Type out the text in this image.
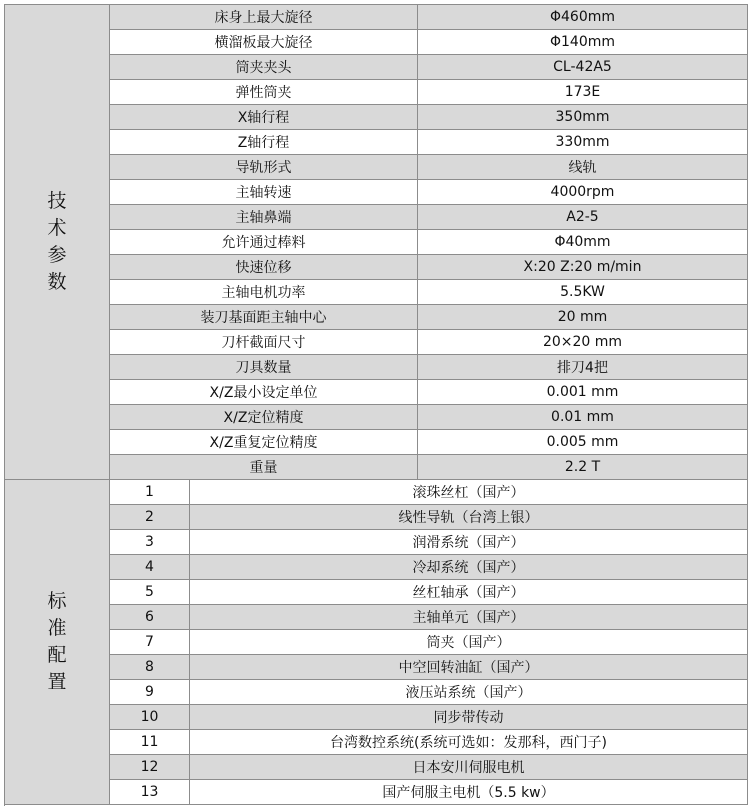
技
术
参
数
床身上最大旋径	Φ460mm
横溜板最大旋径	Φ140mm
筒夹夹头	CL-42A5
弹性筒夹	173E
X轴行程	350mm
Z轴行程	330mm
导轨形式	线轨
主轴转速	4000rpm
主轴鼻端	A2-5
允许通过棒料	Φ40mm
快速位移	X:20 Z:20 m/min
主轴电机功率	5.5KW
装刀基面距主轴中心	20 mm
刀杆截面尺寸	20×20 mm
刀具数量	排刀4把
X/Z最小设定单位	0.001 mm
X/Z定位精度	0.01 mm
X/Z重复定位精度	0.005 mm
重量	2.2 T
标
准
配
置
1	滚珠丝杠（国产）
2	线性导轨（台湾上银）
3	润滑系统（国产）
4	冷却系统（国产）
5	丝杠轴承（国产）
6	主轴单元（国产）
7	筒夹（国产）
8	中空回转油缸（国产）
9	液压站系统（国产）
10	同步带传动
11	台湾数控系统(系统可选如：发那科，西门子)
12	日本安川伺服电机
13	国产伺服主电机（5.5 kw）
